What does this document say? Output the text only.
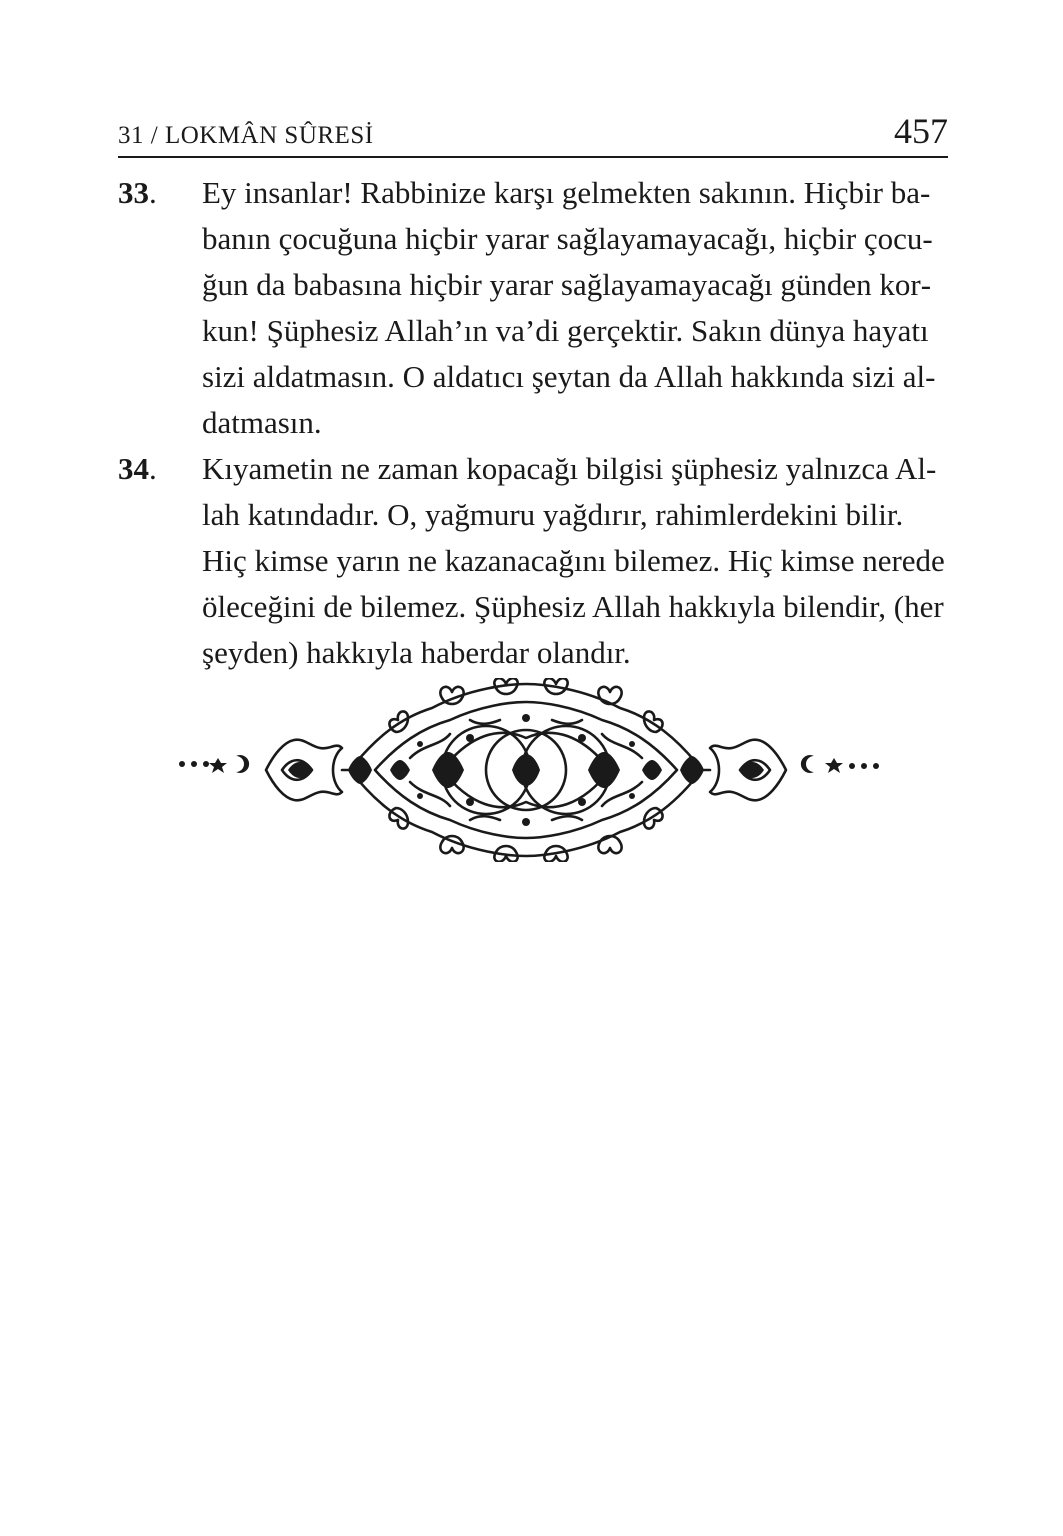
31 / LOKMÂN SÛRESİ	457

33. Ey insanlar! Rabbinize karşı gelmekten sakının. Hiçbir babanın çocuğuna hiçbir yarar sağlayamayacağı, hiçbir çocuğun da babasına hiçbir yarar sağlayamayacağı günden korkun! Şüphesiz Allah’ın va’di gerçektir. Sakın dünya hayatı sizi aldatmasın. O aldatıcı şeytan da Allah hakkında sizi aldatmasın.

34. Kıyametin ne zaman kopacağı bilgisi şüphesiz yalnızca Allah katındadır. O, yağmuru yağdırır, rahimlerdekini bilir. Hiç kimse yarın ne kazanacağını bilemez. Hiç kimse nerede öleceğini de bilemez. Şüphesiz Allah hakkıyla bilendir, (her şeyden) hakkıyla haberdar olandır.
